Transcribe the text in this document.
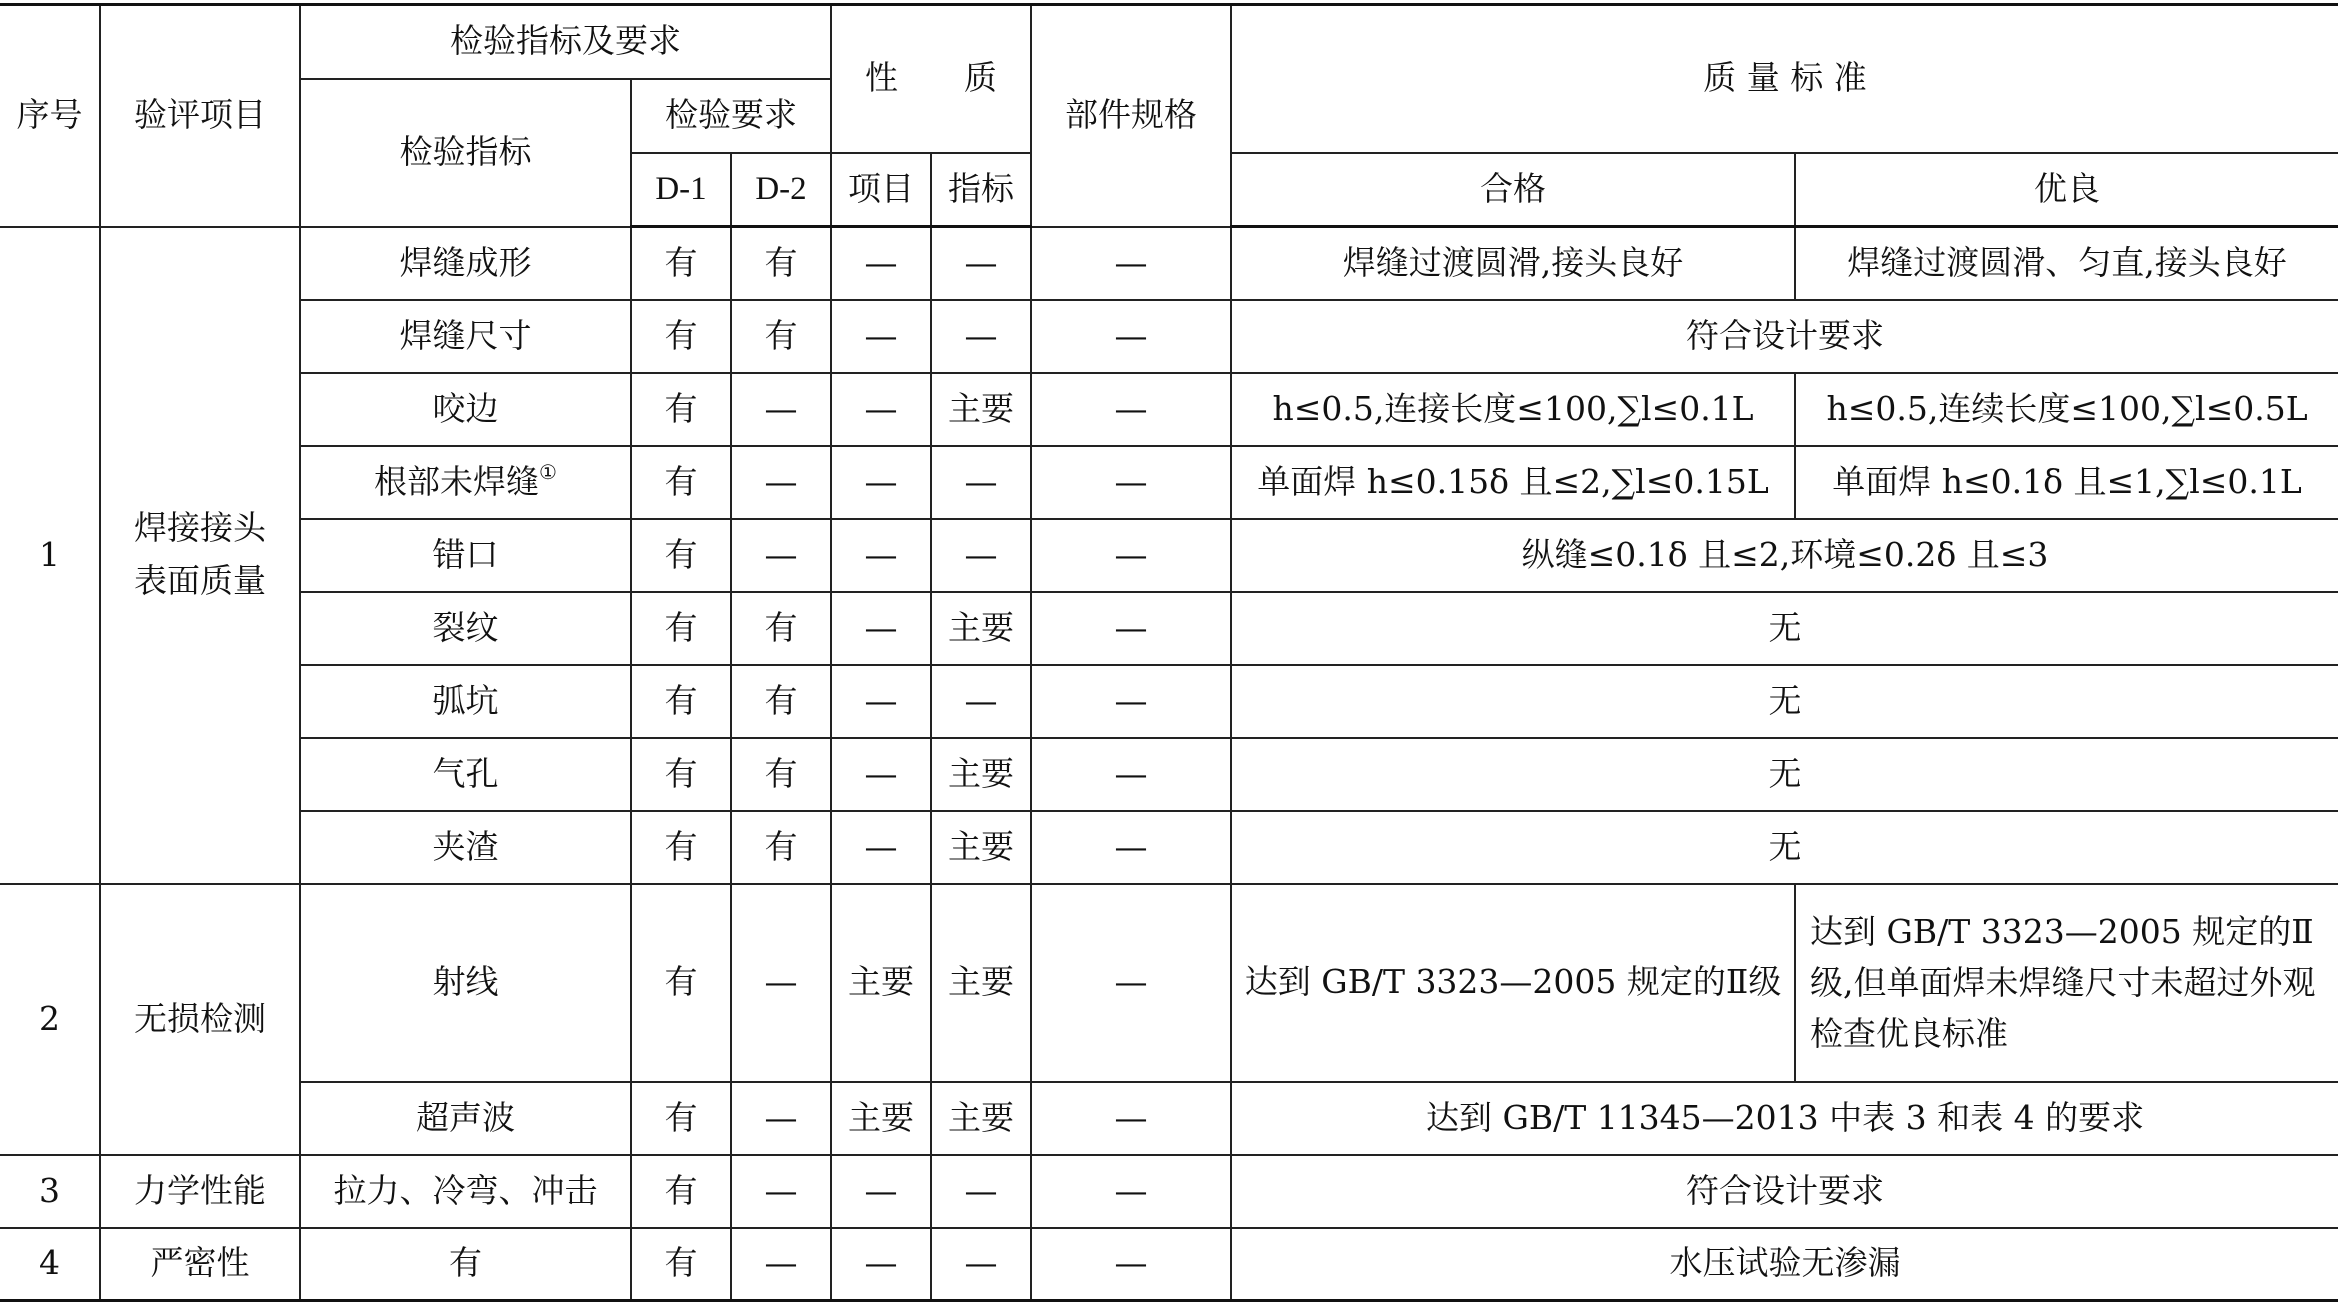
序号	验评项目	检验指标及要求			性　　质		部件规格	质 量 标 准	
		检验指标	检验要求						
			D-1	D-2	项目	指标		合格	优良
1	焊接接头表面质量	焊缝成形	有	有	—	—	—	焊缝过渡圆滑,接头良好	焊缝过渡圆滑、匀直,接头良好
		焊缝尺寸	有	有	—	—	—	符合设计要求	
		咬边	有	—	—	主要	—	h≤0.5,连接长度≤100,∑l≤0.1L	h≤0.5,连续长度≤100,∑l≤0.5L
		根部未焊缝①	有	—	—	—	—	单面焊 h≤0.15δ 且≤2,∑l≤0.15L	单面焊 h≤0.1δ 且≤1,∑l≤0.1L
		错口	有	—	—	—	—	纵缝≤0.1δ 且≤2,环境≤0.2δ 且≤3	
		裂纹	有	有	—	主要	—	无	
		弧坑	有	有	—	—	—	无	
		气孔	有	有	—	主要	—	无	
		夹渣	有	有	—	主要	—	无	
2	无损检测	射线	有	—	主要	主要	—	达到 GB/T 3323—2005 规定的Ⅱ级	达到 GB/T 3323—2005 规定的Ⅱ级,但单面焊未焊缝尺寸未超过外观检查优良标准
		超声波	有	—	主要	主要	—	达到 GB/T 11345—2013 中表 3 和表 4 的要求	
3	力学性能	拉力、冷弯、冲击	有	—	—	—	—	符合设计要求	
4	严密性	有	有	—	—	—	—	水压试验无渗漏	
